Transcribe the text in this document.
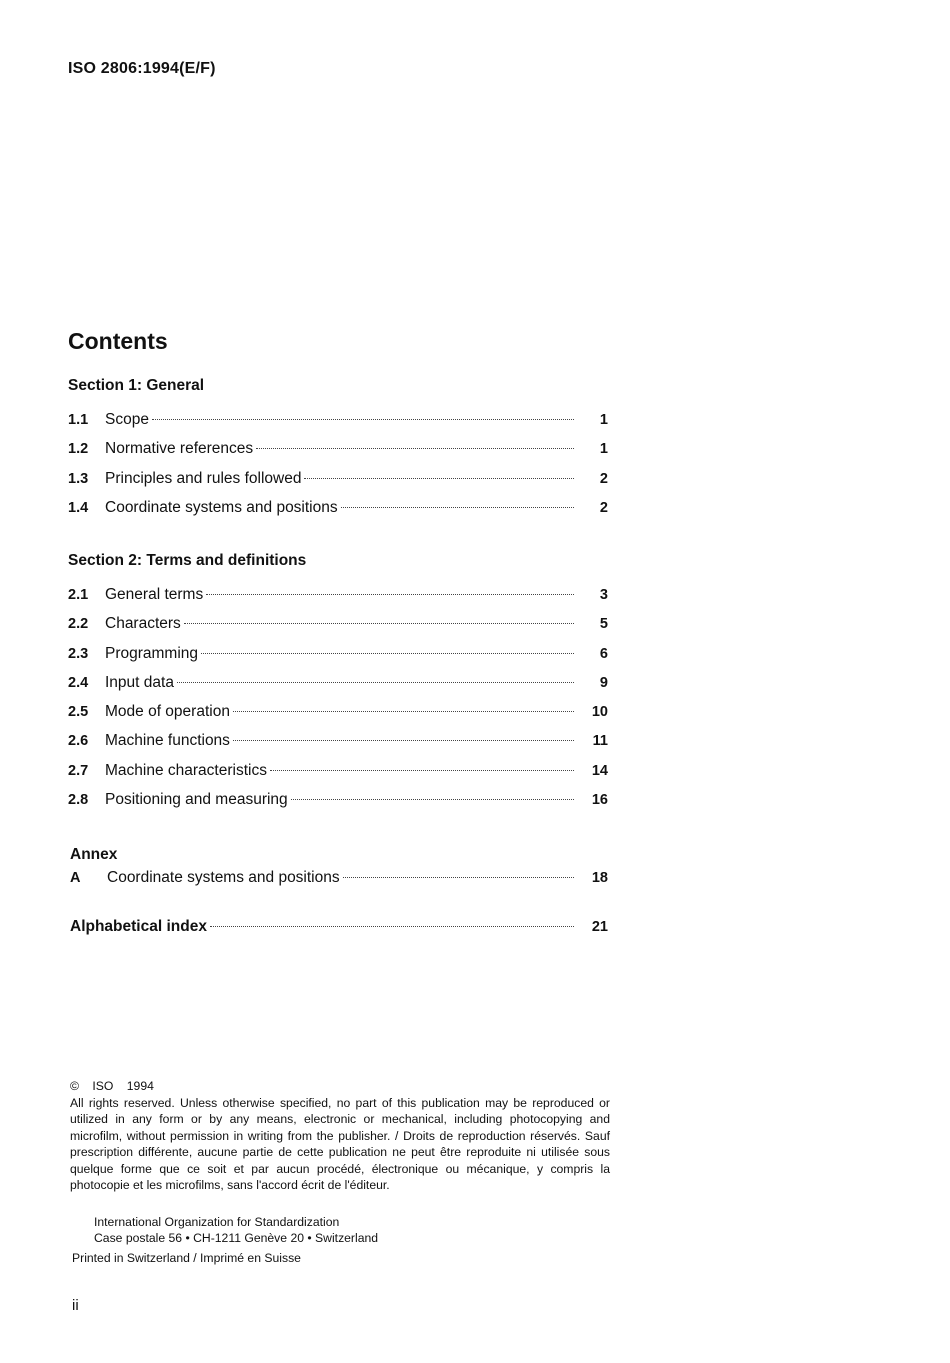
ISO 2806:1994(E/F)
Contents
Section 1: General
1.1	Scope	1
1.2	Normative references	1
1.3	Principles and rules followed	2
1.4	Coordinate systems and positions	2
Section 2: Terms and definitions
2.1	General terms	3
2.2	Characters	5
2.3	Programming	6
2.4	Input data	9
2.5	Mode of operation	10
2.6	Machine functions	11
2.7	Machine characteristics	14
2.8	Positioning and measuring	16
Annex
A	Coordinate systems and positions	18
Alphabetical index	21
© ISO 1994
All rights reserved. Unless otherwise specified, no part of this publication may be reproduced or utilized in any form or by any means, electronic or mechanical, including photocopying and microfilm, without permission in writing from the publisher. / Droits de reproduction réservés. Sauf prescription différente, aucune partie de cette publication ne peut être reproduite ni utilisée sous quelque forme que ce soit et par aucun procédé, électronique ou mécanique, y compris la photocopie et les microfilms, sans l'accord écrit de l'éditeur.
International Organization for Standardization
Case postale 56 • CH-1211 Genève 20 • Switzerland
Printed in Switzerland / Imprimé en Suisse
ii
